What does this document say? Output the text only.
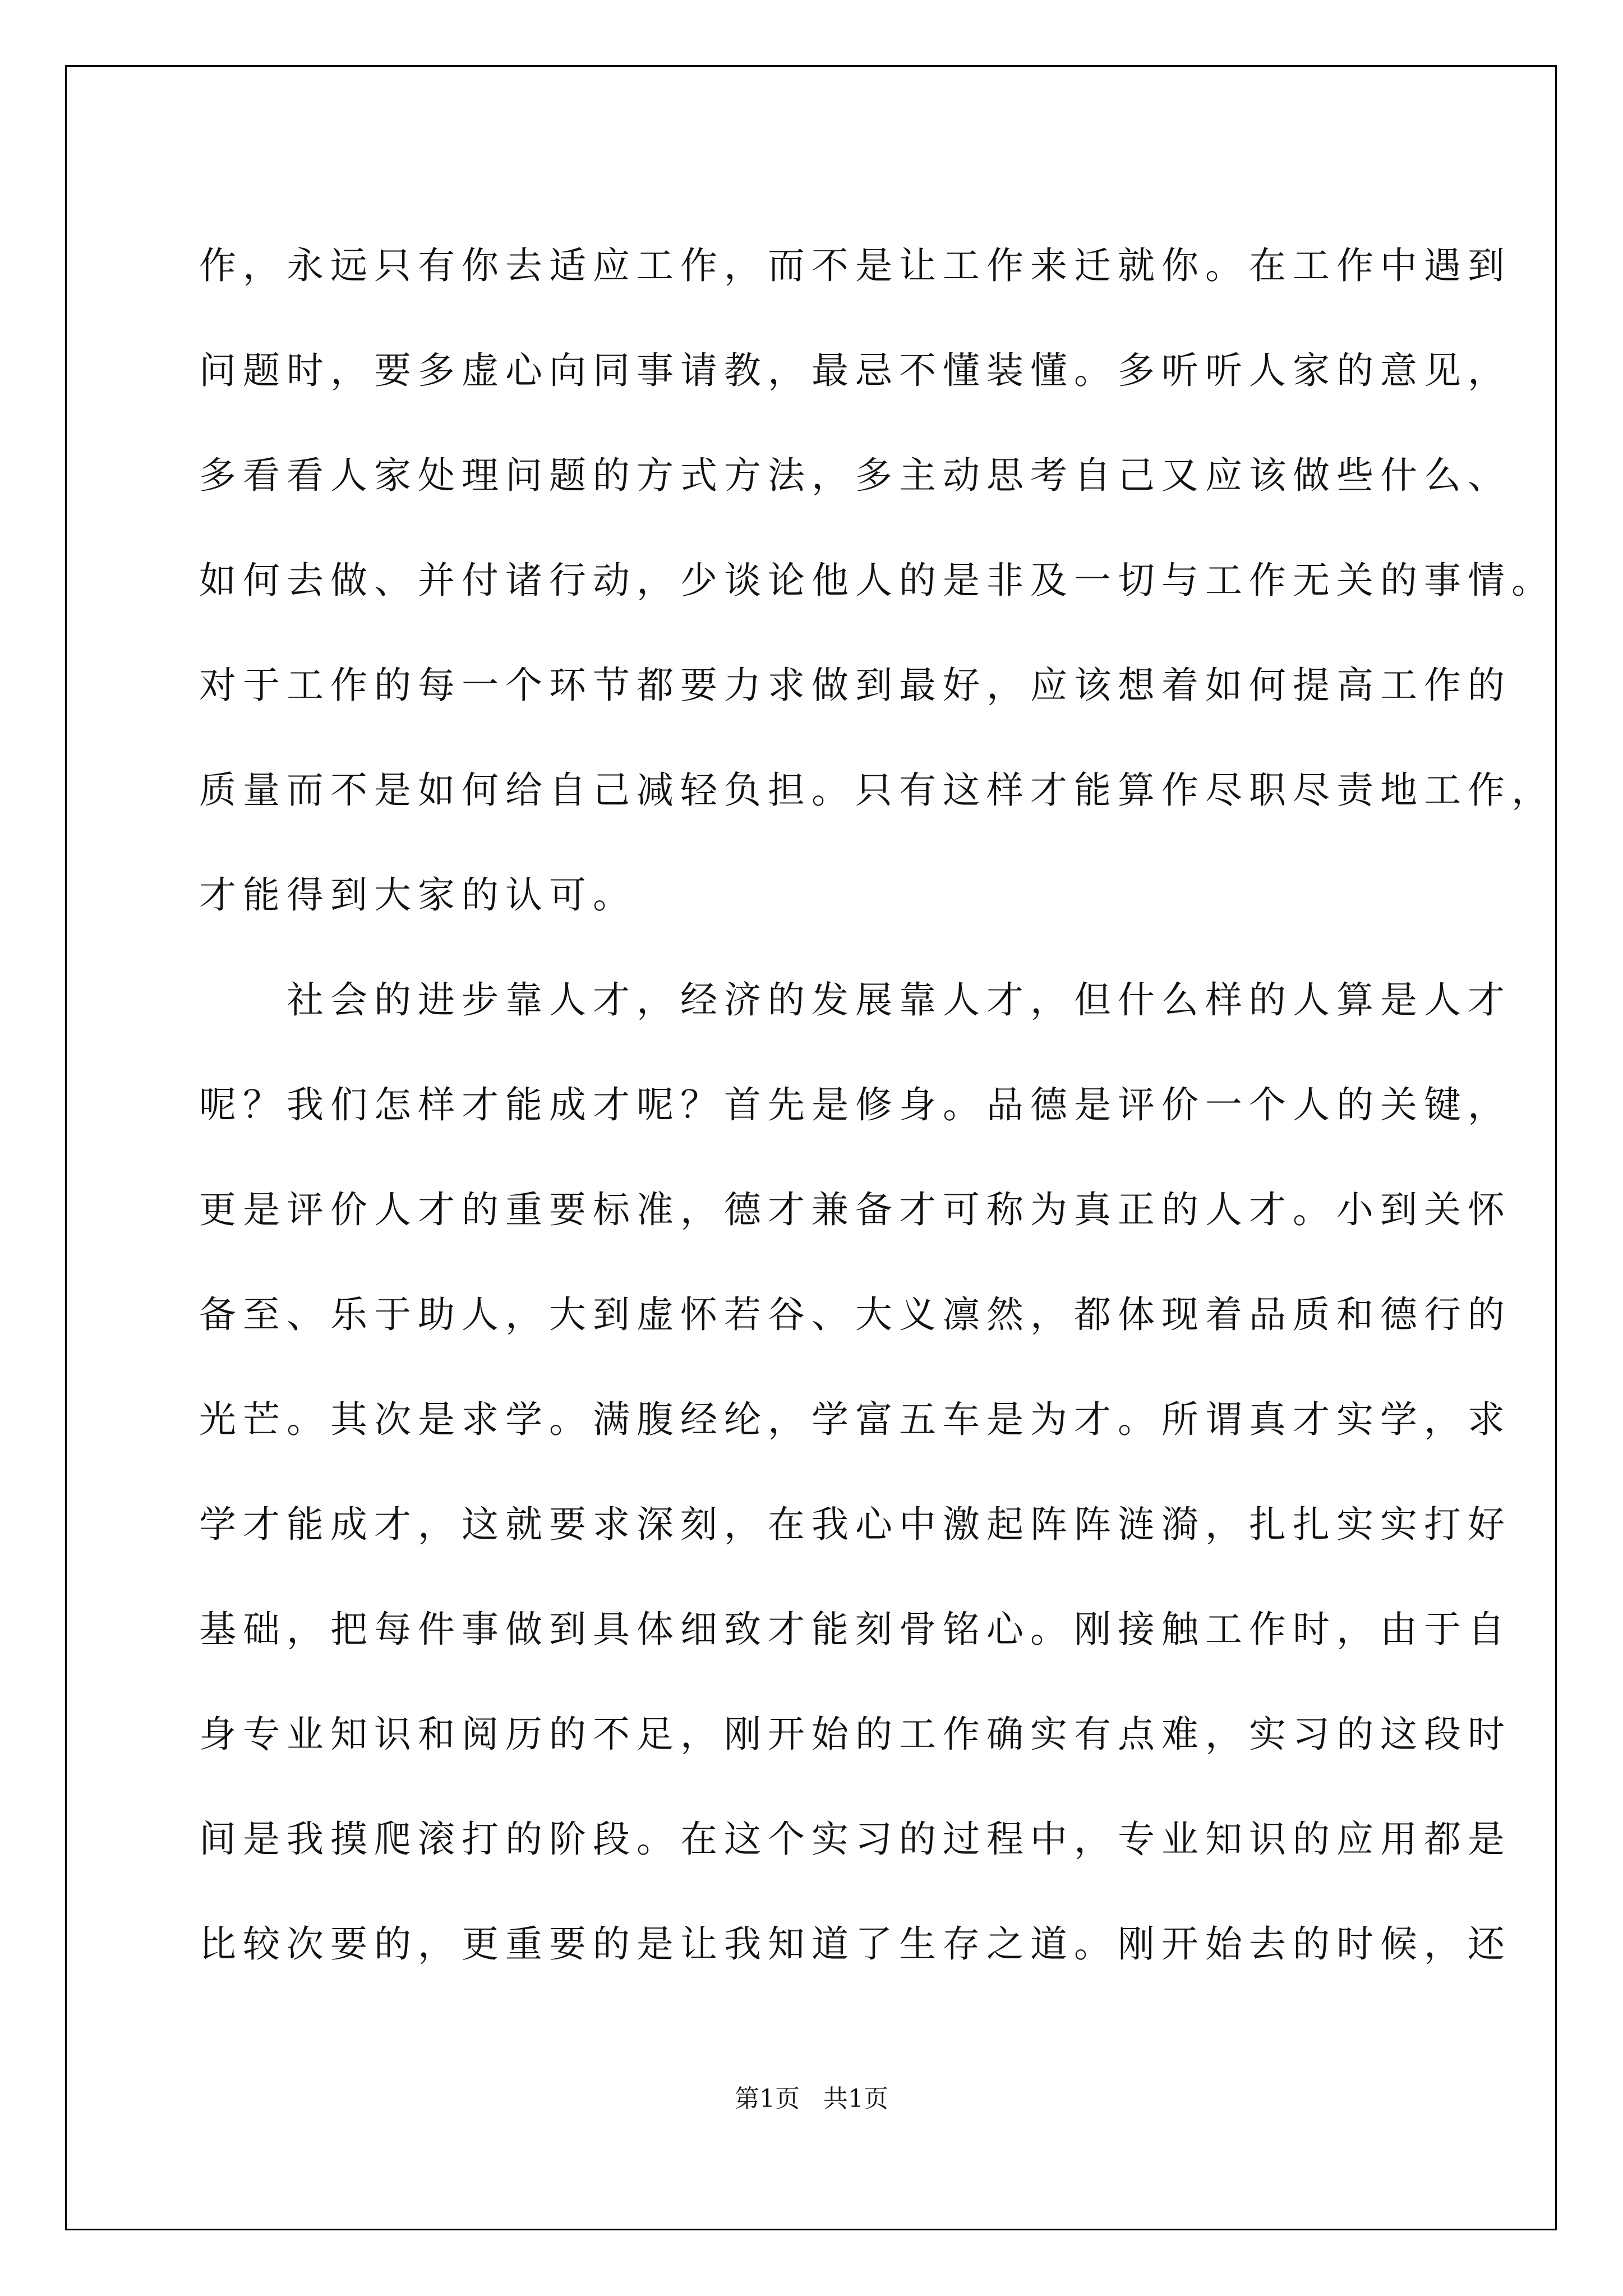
作，永远只有你去适应工作，而不是让工作来迁就你。在工作中遇到
问题时，要多虚心向同事请教，最忌不懂装懂。多听听人家的意见，
多看看人家处理问题的方式方法，多主动思考自己又应该做些什么、
如何去做、并付诸行动，少谈论他人的是非及一切与工作无关的事情。
对于工作的每一个环节都要力求做到最好，应该想着如何提高工作的
质量而不是如何给自己减轻负担。只有这样才能算作尽职尽责地工作，
才能得到大家的认可。
　　社会的进步靠人才，经济的发展靠人才，但什么样的人算是人才
呢？我们怎样才能成才呢？首先是修身。品德是评价一个人的关键，
更是评价人才的重要标准，德才兼备才可称为真正的人才。小到关怀
备至、乐于助人，大到虚怀若谷、大义凛然，都体现着品质和德行的
光芒。其次是求学。满腹经纶，学富五车是为才。所谓真才实学，求
学才能成才，这就要求深刻，在我心中激起阵阵涟漪，扎扎实实打好
基础，把每件事做到具体细致才能刻骨铭心。刚接触工作时，由于自
身专业知识和阅历的不足，刚开始的工作确实有点难，实习的这段时
间是我摸爬滚打的阶段。在这个实习的过程中，专业知识的应用都是
比较次要的，更重要的是让我知道了生存之道。刚开始去的时候，还
第1页   共1页
